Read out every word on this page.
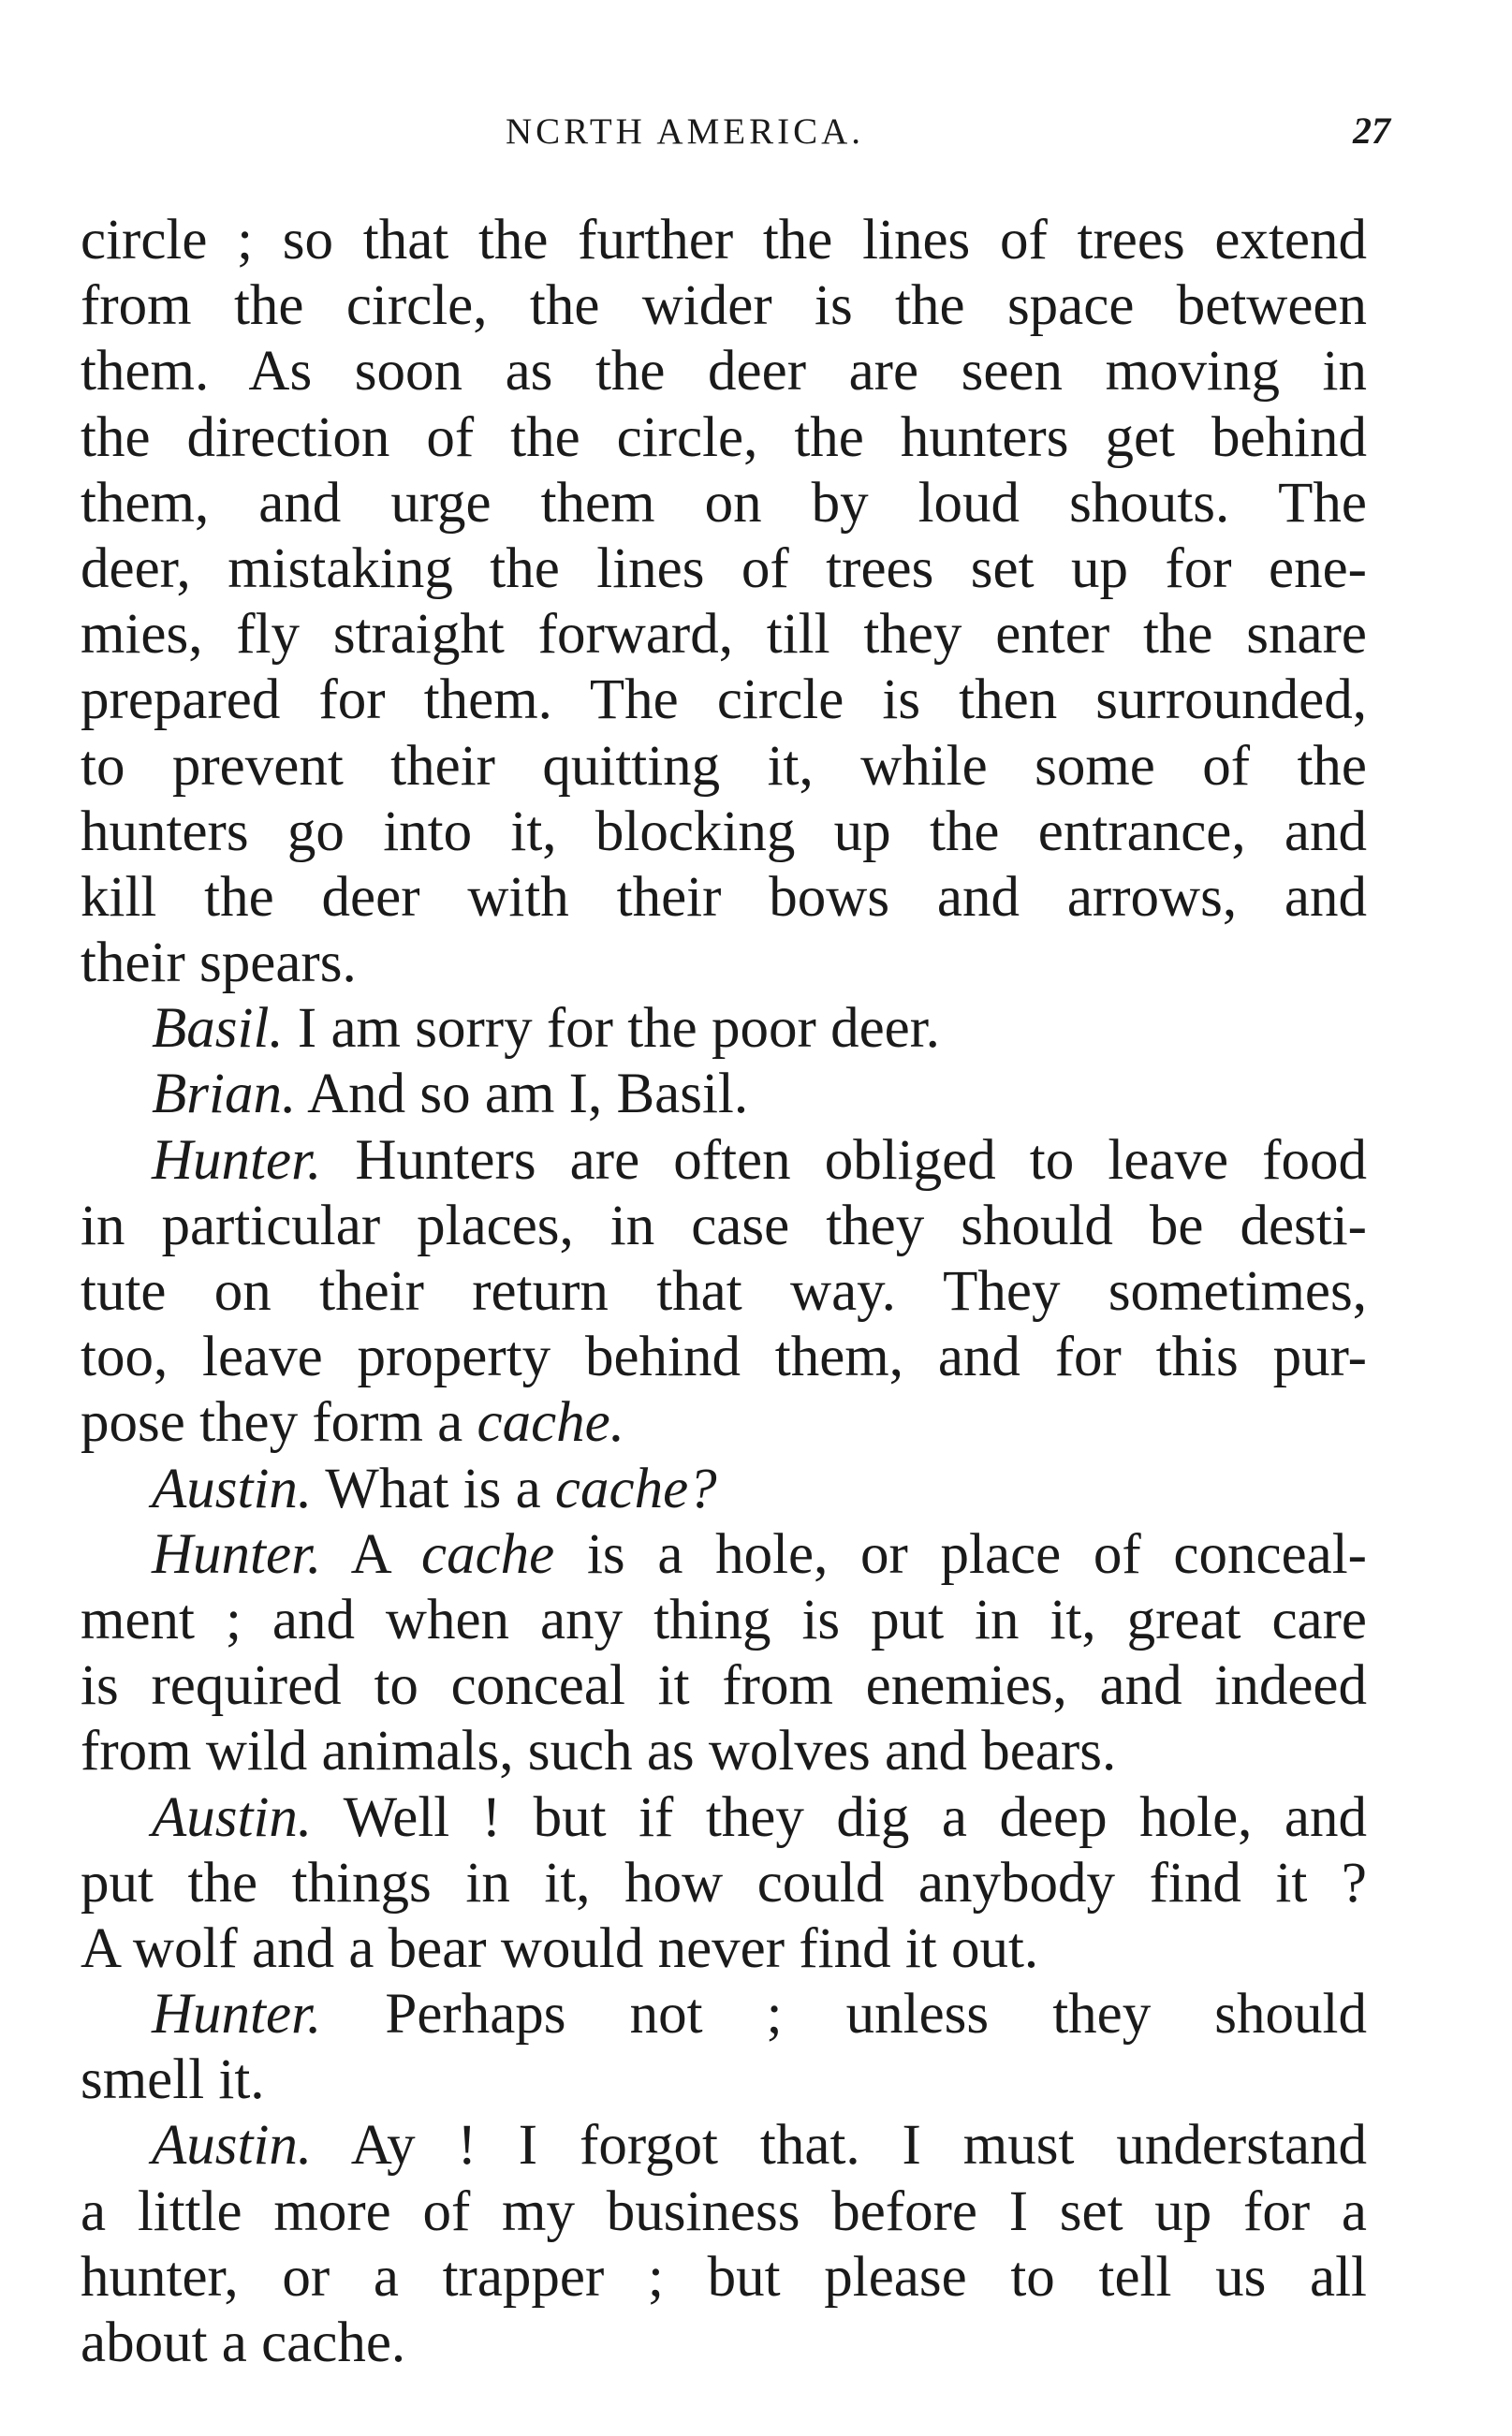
NCRTH AMERICA.	27
circle ; so that the further the lines of trees extend
from the circle, the wider is the space between
them. As soon as the deer are seen moving in
the direction of the circle, the hunters get behind
them, and urge them on by loud shouts. The
deer, mistaking the lines of trees set up for ene-
mies, fly straight forward, till they enter the snare
prepared for them. The circle is then surrounded,
to prevent their quitting it, while some of the
hunters go into it, blocking up the entrance, and
kill the deer with their bows and arrows, and
their spears.
Basil. I am sorry for the poor deer.
Brian. And so am I, Basil.
Hunter. Hunters are often obliged to leave food
in particular places, in case they should be desti-
tute on their return that way. They sometimes,
too, leave property behind them, and for this pur-
pose they form a cache.
Austin. What is a cache?
Hunter. A cache is a hole, or place of conceal-
ment ; and when any thing is put in it, great care
is required to conceal it from enemies, and indeed
from wild animals, such as wolves and bears.
Austin. Well ! but if they dig a deep hole, and
put the things in it, how could anybody find it ?
A wolf and a bear would never find it out.
Hunter. Perhaps not ; unless they should
smell it.
Austin. Ay ! I forgot that. I must understand
a little more of my business before I set up for a
hunter, or a trapper ; but please to tell us all
about a cache.
